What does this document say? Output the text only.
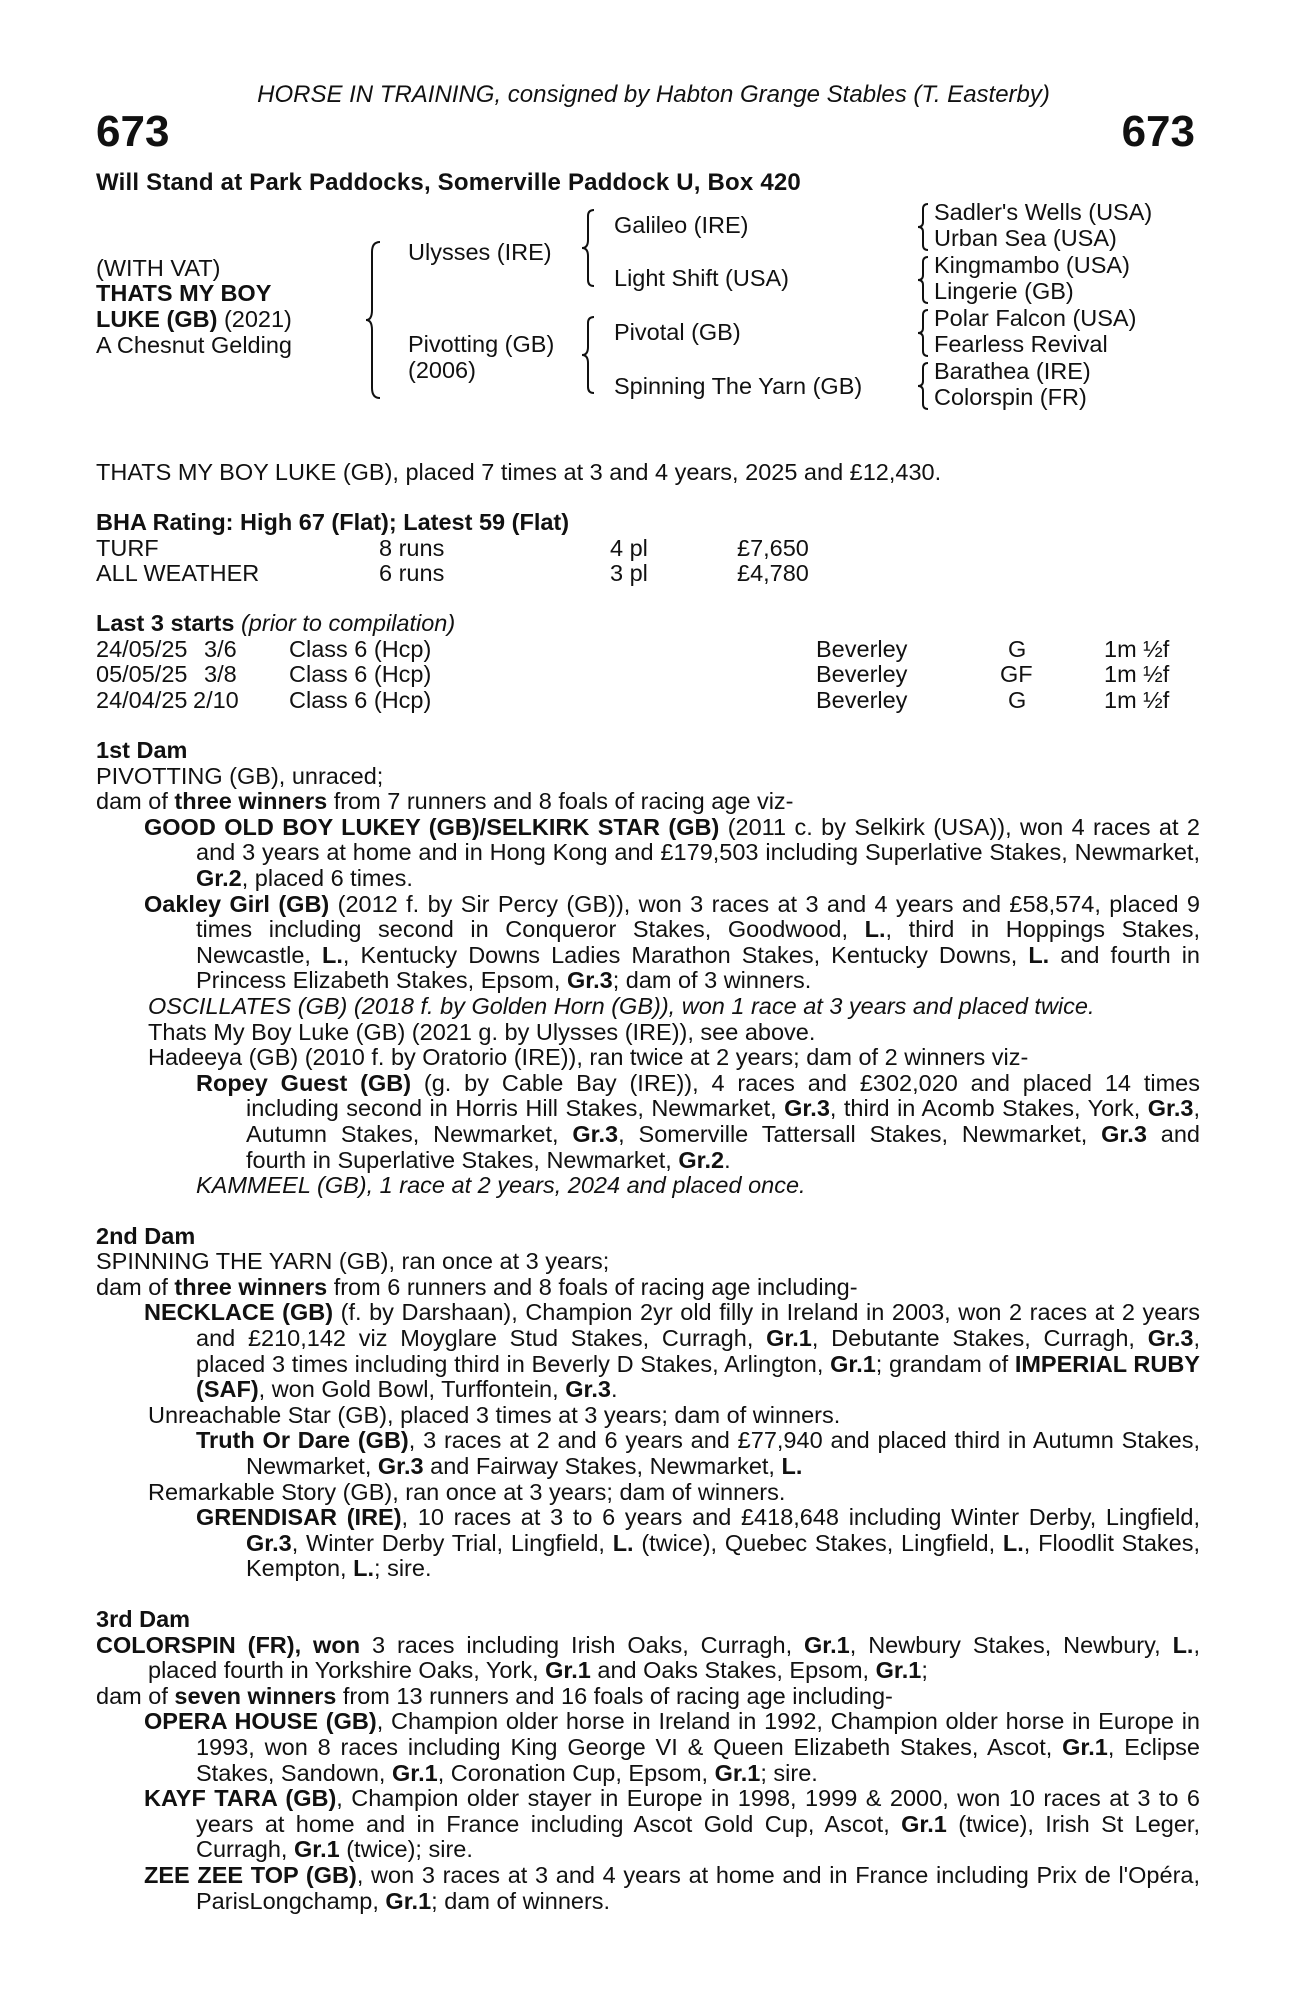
HORSE IN TRAINING, consigned by Habton Grange Stables (T. Easterby)
673	673
Will Stand at Park Paddocks, Somerville Paddock U, Box 420
(WITH VAT)
THATS MY BOY
LUKE (GB) (2021)
A Chesnut Gelding
Ulysses (IRE)
Pivotting (GB)
(2006)
Galileo (IRE)
Light Shift (USA)
Pivotal (GB)
Spinning The Yarn (GB)
Sadler's Wells (USA)
Urban Sea (USA)
Kingmambo (USA)
Lingerie (GB)
Polar Falcon (USA)
Fearless Revival
Barathea (IRE)
Colorspin (FR)
THATS MY BOY LUKE (GB), placed 7 times at 3 and 4 years, 2025 and £12,430.
BHA Rating: High 67 (Flat); Latest 59 (Flat)
TURF	8 runs	4 pl	£7,650
ALL WEATHER	6 runs	3 pl	£4,780
Last 3 starts (prior to compilation)
24/05/25 3/6 Class 6 (Hcp)	Beverley	G	1m ½f
05/05/25 3/8 Class 6 (Hcp)	Beverley	GF	1m ½f
24/04/25 2/10 Class 6 (Hcp)	Beverley	G	1m ½f

1st Dam

PIVOTTING (GB), unraced;

dam of three winners from 7 runners and 8 foals of racing age viz-

GOOD OLD BOY LUKEY (GB)/SELKIRK STAR (GB) (2011 c. by Selkirk (USA)), won 4 races at 2 and 3 years at home and in Hong Kong and £179,503 including Superlative Stakes, Newmarket, Gr.2, placed 6 times.

Oakley Girl (GB) (2012 f. by Sir Percy (GB)), won 3 races at 3 and 4 years and £58,574, placed 9 times including second in Conqueror Stakes, Goodwood, L., third in Hoppings Stakes, Newcastle, L., Kentucky Downs Ladies Marathon Stakes, Kentucky Downs, L. and fourth in Princess Elizabeth Stakes, Epsom, Gr.3; dam of 3 winners.

OSCILLATES (GB) (2018 f. by Golden Horn (GB)), won 1 race at 3 years and placed twice.

Thats My Boy Luke (GB) (2021 g. by Ulysses (IRE)), see above.

Hadeeya (GB) (2010 f. by Oratorio (IRE)), ran twice at 2 years; dam of 2 winners viz-

Ropey Guest (GB) (g. by Cable Bay (IRE)), 4 races and £302,020 and placed 14 times including second in Horris Hill Stakes, Newmarket, Gr.3, third in Acomb Stakes, York, Gr.3, Autumn Stakes, Newmarket, Gr.3, Somerville Tattersall Stakes, Newmarket, Gr.3 and fourth in Superlative Stakes, Newmarket, Gr.2.

KAMMEEL (GB), 1 race at 2 years, 2024 and placed once.

2nd Dam

SPINNING THE YARN (GB), ran once at 3 years;

dam of three winners from 6 runners and 8 foals of racing age including-

NECKLACE (GB) (f. by Darshaan), Champion 2yr old filly in Ireland in 2003, won 2 races at 2 years and £210,142 viz Moyglare Stud Stakes, Curragh, Gr.1, Debutante Stakes, Curragh, Gr.3, placed 3 times including third in Beverly D Stakes, Arlington, Gr.1; grandam of IMPERIAL RUBY (SAF), won Gold Bowl, Turffontein, Gr.3.

Unreachable Star (GB), placed 3 times at 3 years; dam of winners.

Truth Or Dare (GB), 3 races at 2 and 6 years and £77,940 and placed third in Autumn Stakes, Newmarket, Gr.3 and Fairway Stakes, Newmarket, L.

Remarkable Story (GB), ran once at 3 years; dam of winners.

GRENDISAR (IRE), 10 races at 3 to 6 years and £418,648 including Winter Derby, Lingfield, Gr.3, Winter Derby Trial, Lingfield, L. (twice), Quebec Stakes, Lingfield, L., Floodlit Stakes, Kempton, L.; sire.

3rd Dam

COLORSPIN (FR), won 3 races including Irish Oaks, Curragh, Gr.1, Newbury Stakes, Newbury, L., placed fourth in Yorkshire Oaks, York, Gr.1 and Oaks Stakes, Epsom, Gr.1;

dam of seven winners from 13 runners and 16 foals of racing age including-

OPERA HOUSE (GB), Champion older horse in Ireland in 1992, Champion older horse in Europe in 1993, won 8 races including King George VI & Queen Elizabeth Stakes, Ascot, Gr.1, Eclipse Stakes, Sandown, Gr.1, Coronation Cup, Epsom, Gr.1; sire.

KAYF TARA (GB), Champion older stayer in Europe in 1998, 1999 & 2000, won 10 races at 3 to 6 years at home and in France including Ascot Gold Cup, Ascot, Gr.1 (twice), Irish St Leger, Curragh, Gr.1 (twice); sire.

ZEE ZEE TOP (GB), won 3 races at 3 and 4 years at home and in France including Prix de l'Opéra, ParisLongchamp, Gr.1; dam of winners.
